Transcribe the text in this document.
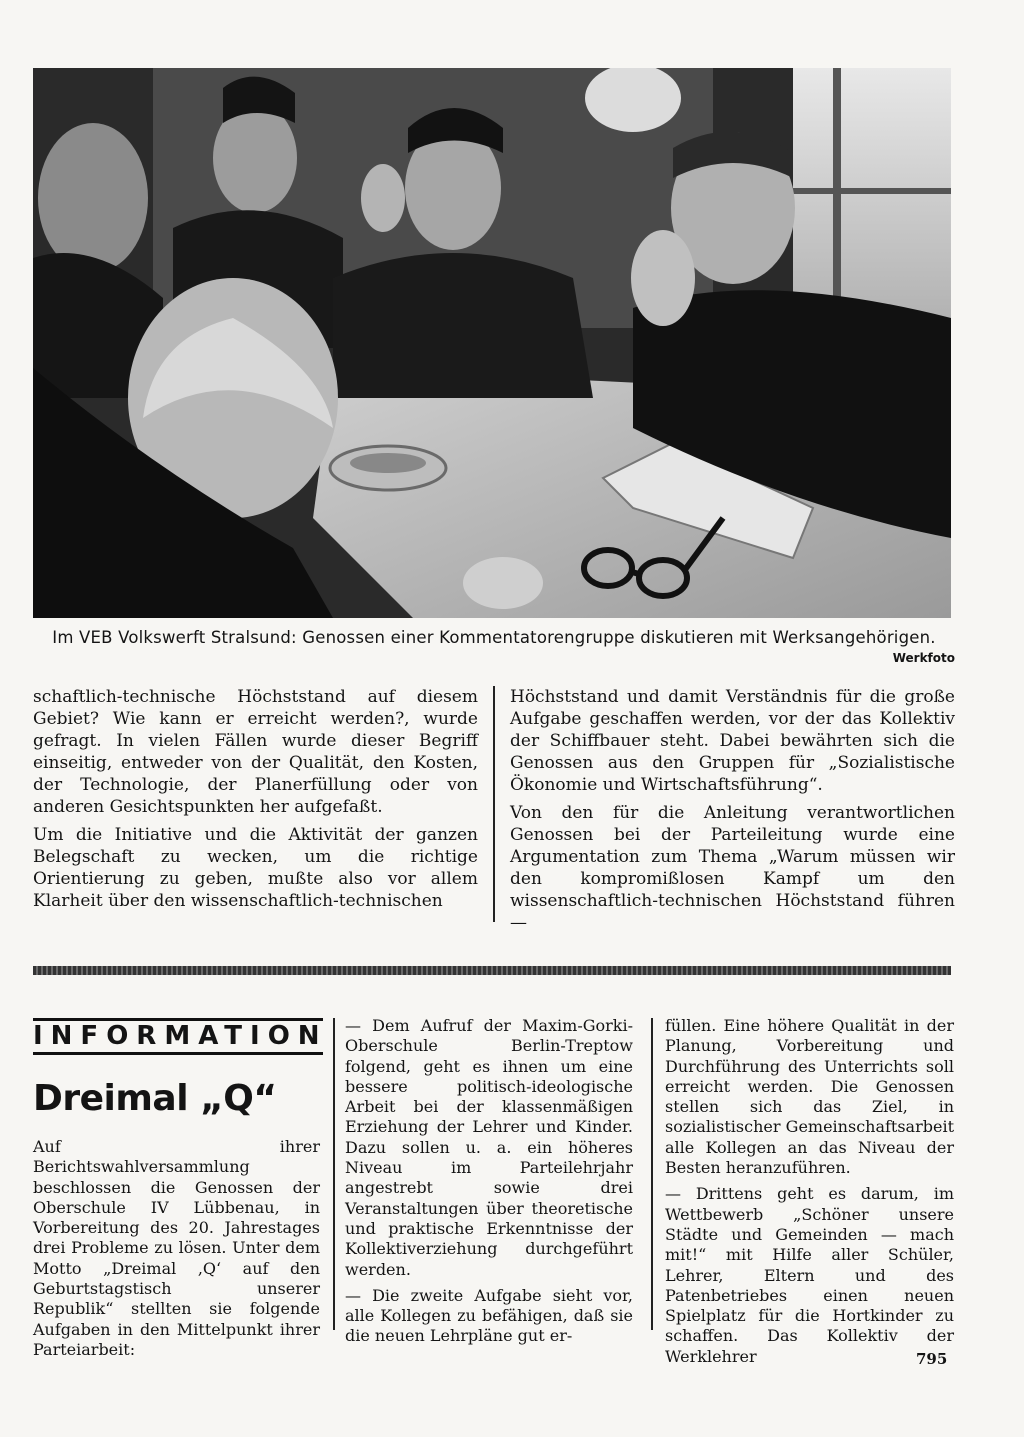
Im VEB Volkswerft Stralsund: Genossen einer Kommentatorengruppe diskutieren mit Werksangehörigen.
Werkfoto

schaftlich-technische Höchststand auf diesem Gebiet? Wie kann er erreicht werden?, wurde gefragt. In vielen Fällen wurde dieser Begriff einseitig, entweder von der Qualität, den Kosten, der Technologie, der Planerfüllung oder von anderen Gesichtspunkten her aufgefaßt.

Um die Initiative und die Aktivität der ganzen Belegschaft zu wecken, um die richtige Orientierung zu geben, mußte also vor allem Klarheit über den wissenschaftlich-technischen

Höchststand und damit Verständnis für die große Aufgabe geschaffen werden, vor der das Kollektiv der Schiffbauer steht. Dabei bewährten sich die Genossen aus den Gruppen für „Sozialistische Ökonomie und Wirtschaftsführung“.

Von den für die Anleitung verantwortlichen Genossen bei der Parteileitung wurde eine Argumentation zum Thema „Warum müssen wir den kompromißlosen Kampf um den wissenschaftlich-technischen Höchststand führen —

INFORMATION
Dreimal „Q“

Auf ihrer Berichtswahlversammlung beschlossen die Genossen der Oberschule IV Lübbenau, in Vorbereitung des 20. Jahrestages drei Probleme zu lösen. Unter dem Motto „Dreimal ‚Q‘ auf den Geburtstagstisch unserer Republik“ stellten sie folgende Aufgaben in den Mittelpunkt ihrer Parteiarbeit:

— Dem Aufruf der Maxim-Gorki-Oberschule Berlin-Treptow folgend, geht es ihnen um eine bessere politisch-ideologische Arbeit bei der klassenmäßigen Erziehung der Lehrer und Kinder. Dazu sollen u. a. ein höheres Niveau im Parteilehrjahr angestrebt sowie drei Veranstaltungen über theoretische und praktische Erkenntnisse der Kollektiverziehung durchgeführt werden.

— Die zweite Aufgabe sieht vor, alle Kollegen zu befähigen, daß sie die neuen Lehrpläne gut er-

füllen. Eine höhere Qualität in der Planung, Vorbereitung und Durchführung des Unterrichts soll erreicht werden. Die Genossen stellen sich das Ziel, in sozialistischer Gemeinschaftsarbeit alle Kollegen an das Niveau der Besten heranzuführen.

— Drittens geht es darum, im Wettbewerb „Schöner unsere Städte und Gemeinden — mach mit!“ mit Hilfe aller Schüler, Lehrer, Eltern und des Patenbetriebes einen neuen Spielplatz für die Hortkinder zu schaffen. Das Kollektiv der Werklehrer	795
